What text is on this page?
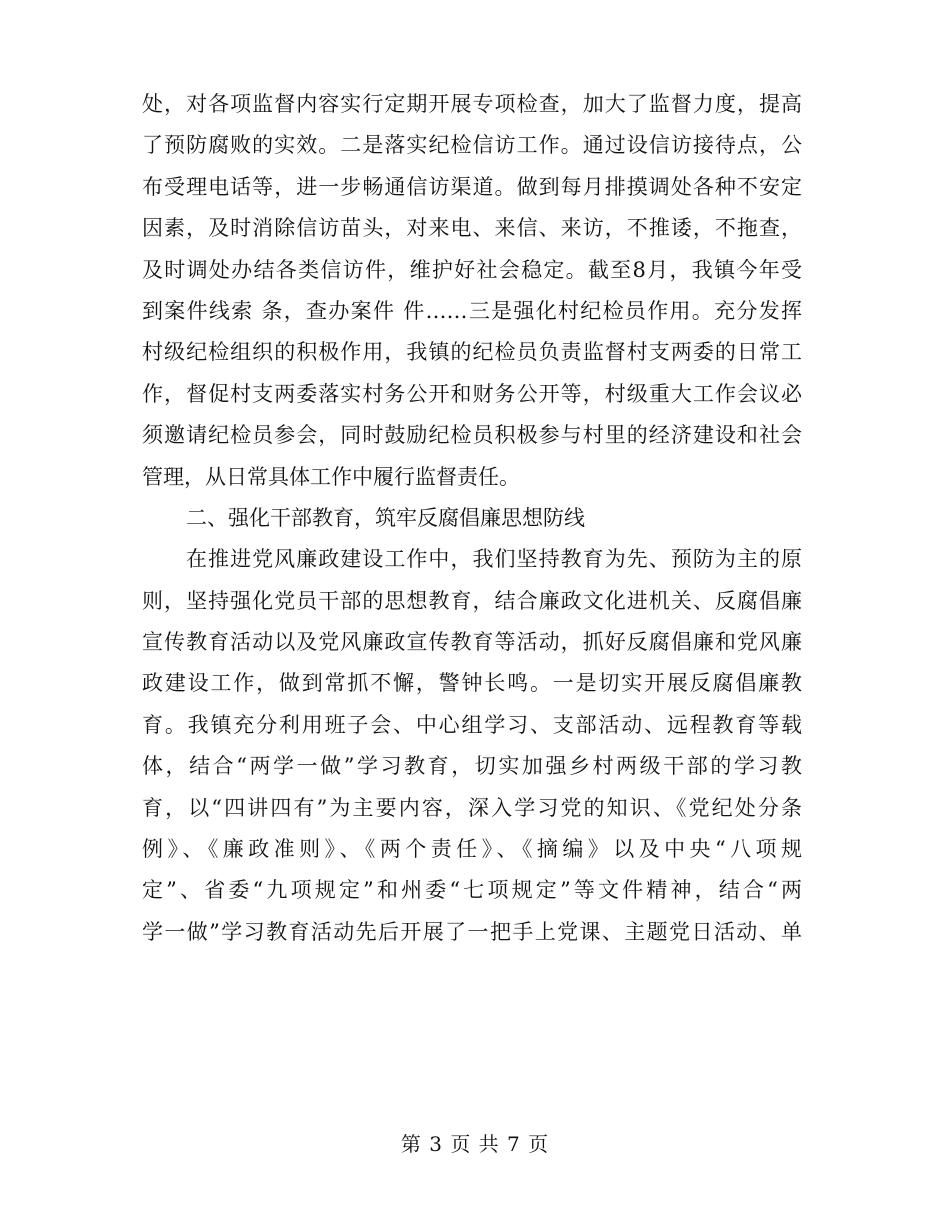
处，对各项监督内容实行定期开展专项检查，加大了监督力度，提高
了预防腐败的实效。二是落实纪检信访工作。通过设信访接待点，公
布受理电话等，进一步畅通信访渠道。做到每月排摸调处各种不安定
因素，及时消除信访苗头，对来电、来信、来访，不推诿，不拖查，
及时调处办结各类信访件，维护好社会稳定。截至8月，我镇今年受
到案件线索 条，查办案件 件……三是强化村纪检员作用。充分发挥
村级纪检组织的积极作用，我镇的纪检员负责监督村支两委的日常工
作，督促村支两委落实村务公开和财务公开等，村级重大工作会议必
须邀请纪检员参会，同时鼓励纪检员积极参与村里的经济建设和社会
管理，从日常具体工作中履行监督责任。
二、强化干部教育，筑牢反腐倡廉思想防线
在推进党风廉政建设工作中，我们坚持教育为先、预防为主的原
则，坚持强化党员干部的思想教育，结合廉政文化进机关、反腐倡廉
宣传教育活动以及党风廉政宣传教育等活动，抓好反腐倡廉和党风廉
政建设工作，做到常抓不懈，警钟长鸣。一是切实开展反腐倡廉教
育。我镇充分利用班子会、中心组学习、支部活动、远程教育等载
体，结合“两学一做”学习教育，切实加强乡村两级干部的学习教
育，以“四讲四有”为主要内容，深入学习党的知识、《党纪处分条
例》、《廉政准则》、《两个责任》、《摘编》以及中央“八项规
定”、省委“九项规定”和州委“七项规定”等文件精神，结合“两
学一做”学习教育活动先后开展了一把手上党课、主题党日活动、单
第 3 页 共 7 页
